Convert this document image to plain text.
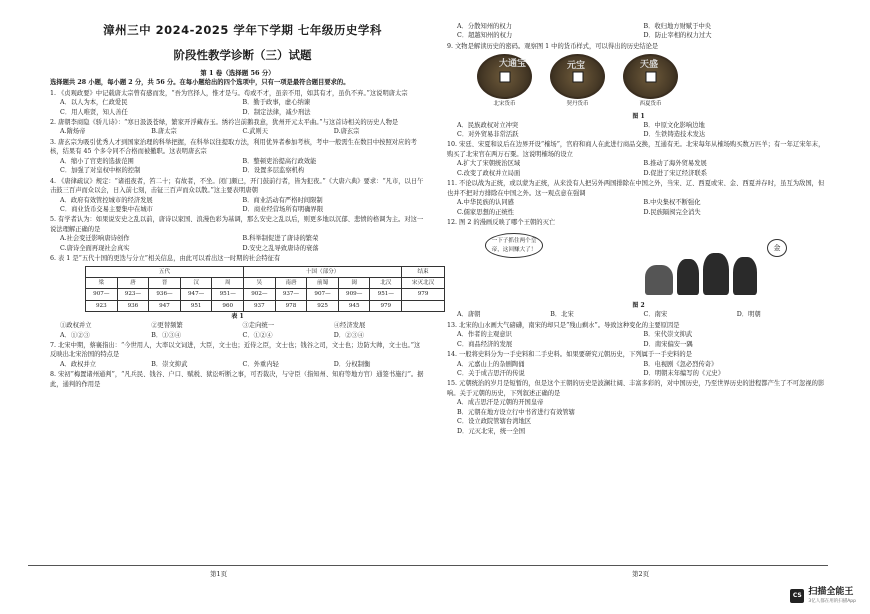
漳州三中 2024-2025 学年下学期 七年级历史学科
阶段性教学诊断（三）试题
第 1 卷（选择题 56 分）
选择题共 28 小题，每小题 2 分，共 56 分。在每小题给出的四个选项中，只有一项是最符合题目要求的。
1. 《贞观政要》中记载唐太宗曾有感而发，“吾为官择人，惟才是与。苟或不才，虽亲不用，如其有才，虽仇不弃。”这说明唐太宗
A．以人为本，仁政爱民	B．勤于政事，虚心纳谏
C．用人唯贤，知人善任	D．制定法律，减少刑法
2. 唐朝李商隐《骄儿诗》：“寒日汲汲苍绿，繁家开浮藏春玉。绣衿岂前鹅我意，犹州开元太平曲。”与这首诗相关的历史人物是
A.隋炀帝	B.唐太宗	C.武则天	D.唐玄宗
3. 唐玄宗为吸引优秀人才到国家治理的科举把握，在科举以往提取方法，利用优异者参加考核，考中一般需生在数目中按照对应的考核，结果有 45 个多令同不合格而被撤职。这表明唐玄宗
A．缩小了官吏的选拔范围	B．整顿吏治提高行政效能
C．加强了对皇权中枢的控制	D．设置多层监察机构
4. 《唐律疏议》规定：“诸祖夜者，笞二十；有故者，不坐。闭门颇已，开门鼓前行者，皆为犯夜。”《大唐六典》要求：“凡市，以日午击鼓三百声而众以会，日入前七刻，击钲三百声而众以散。”这主要表明唐朝
A．政府有效管控城市的经济发展	B．商业活动有严格时间限制
C．商业货币交易主要集中在城市	D．商业经营场所有明确界限
5. 有学者认为：如果说安史之乱以前，唐诗以家国、浪漫色彩为基调，那么安史之乱以后，则更多地以沉郁、悲愤的格调为主。对这一说法理解正确的是
A.社会变迁影响唐诗创作	B.科举制促进了唐诗的繁荣
C.唐诗全面再现社会真实	D.安史之乱导致唐诗的衰落
6. 表 1 是“五代十国的更迭与分立”相关信息，由此可以看出这一时期的社会特征有
五代					十国（部分）					结束
梁	唐	晋	汉	周	吴	南唐	前蜀	闽	北汉	宋灭北汉
907—	923—	936—	947—	951—	902—	937—	907—	909—	951—	979
923	936	947	951	960	937	978	925	945	979	
表 1
①政权并立	②更替频繁	③走向统一	④经济发展
A．①②③	B．①③④	C．①②④	D．②③④
7. 北宋中期，蔡襄指出：“今世用人，大率以文词进，大臣，文士也；近侍之臣，文士也；钱谷之司，文士也；边防大帅，文士也。”这反映出北宋治国的特点是
A．政权并立	B．崇文抑武	C．外重内轻	D．分权制衡
8. 宋初“梅置诸州通判”，“凡兵民、钱谷、户口、赋税、狱讼听断之事，可否裁决，与守臣（指知州、知府等地方官）通签书施行”。据此，通判的作用是
A．分散知州的权力	B．收归地方财赋于中央
C．超越知州的权力	D．防止宰相的权力过大
9. 文物是解读历史的密码。观察图 1 中的货币样式，可以得出的历史结论是
大通宝
北宋货币
元宝
契丹货币
天盛
西夏货币
图 1
A．民族政权对立冲突	B．中原文化影响边地
C．对外贸易非常活跃	D．生铁铸造技术发达
10. 宋廷、宋夏和议后在边界开设“榷场”，官府和商人在此进行商品交换，互通有无。北宋每年从榷场购买数万匹羊；有一年辽宋年末，购买了北宋官在两万石粟。这说明榷场的设立
A.扩大了宋朝统治区域	B.推动了海外贸易发展
C.改变了政权并立局面	D.促进了宋辽经济联系
11. 不论以战为正统，或以蒙为正统，从来没有人把另外两国排除在中国之外，当宋、辽、西夏或宋、金、西夏并存时，虽互为敌国，但也并不把对方排除在中国之外。这一观点意在强调
A.中华民族的认同感	B.中央集权不断强化
C.儒家思想的正统性	D.民族隔阂完全消失
12. 图 2 的漫画反映了哪个王朝的灭亡
一下子抓住两个皇帝，这回赚大了！	金
图 2
A．唐朝	B．北宋	C．南宋	D．明朝
13. 北宋的山水画大气磅礴，南宋的却只是“残山剩水”。导致这种变化的主要原因是
A．作者的主观意识	B．宋代崇文抑武
C．商品经济的发展	D．南宋偏安一隅
14. 一般将史料分为一手史料和二手史料。如果要研究元朝历史，下列属于一手史料的是
A．元嘉山上的杂剧陶俑	B．电视剧《忽必烈传奇》
C．关于成吉思汗的传说	D．明朝末年编写的《元史》
15. 元朝统治的岁月是短暂的，但是这个王朝的历史是波澜壮阔、丰富多彩的，对中国历史，乃至世界历史的进程都产生了不可忽视的影响。关于元朝的历史，下列叙述正确的是
A．成吉思汗是元朝的开国皇帝
B．元朝在地方设立行中书省进行有效管辖
C．设立政院管辖台湾地区
D．元灭北宋，统一全国
第1页	第2页
CS 扫描全能王
3亿人都在用的扫描App
